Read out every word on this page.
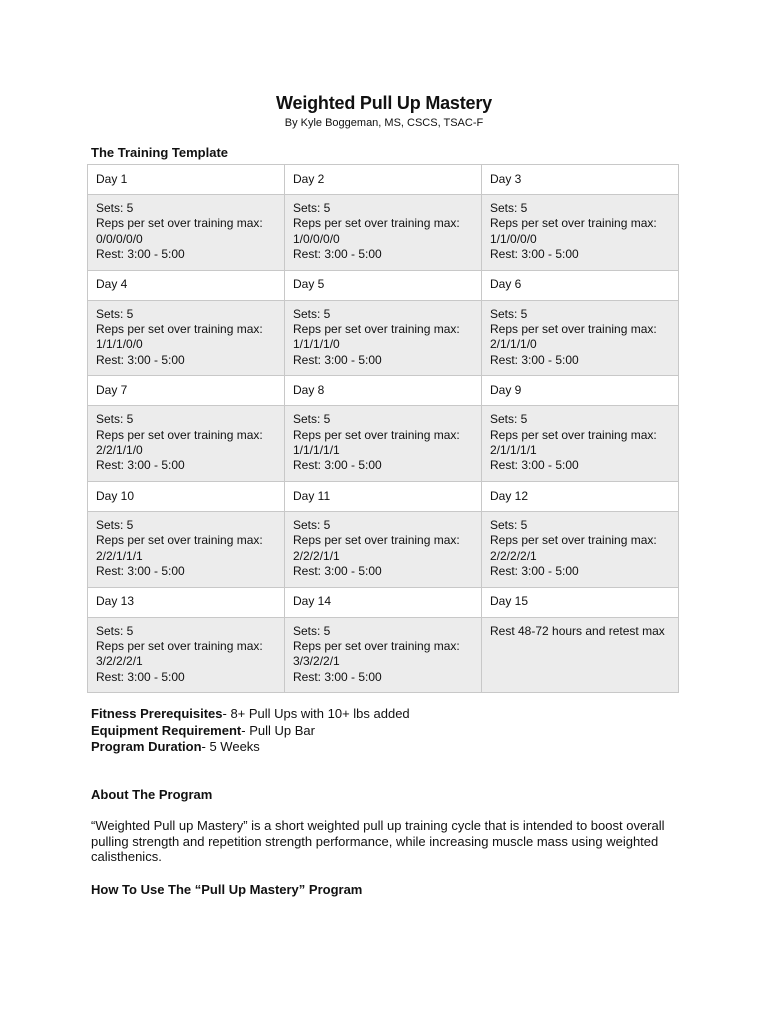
Weighted Pull Up Mastery
By Kyle Boggeman, MS, CSCS, TSAC-F
The Training Template
Day 1	Day 2	Day 3

Sets: 5
Reps per set over training max:
0/0/0/0/0
Rest: 3:00 - 5:00	Sets: 5
Reps per set over training max:
1/0/0/0/0
Rest: 3:00 - 5:00	Sets: 5
Reps per set over training max:
1/1/0/0/0
Rest: 3:00 - 5:00

Day 4	Day 5	Day 6

Sets: 5
Reps per set over training max:
1/1/1/0/0
Rest: 3:00 - 5:00	Sets: 5
Reps per set over training max:
1/1/1/1/0
Rest: 3:00 - 5:00	Sets: 5
Reps per set over training max:
2/1/1/1/0
Rest: 3:00 - 5:00

Day 7	Day 8	Day 9

Sets: 5
Reps per set over training max:
2/2/1/1/0
Rest: 3:00 - 5:00	Sets: 5
Reps per set over training max:
1/1/1/1/1
Rest: 3:00 - 5:00	Sets: 5
Reps per set over training max:
2/1/1/1/1
Rest: 3:00 - 5:00

Day 10	Day 11	Day 12

Sets: 5
Reps per set over training max:
2/2/1/1/1
Rest: 3:00 - 5:00	Sets: 5
Reps per set over training max:
2/2/2/1/1
Rest: 3:00 - 5:00	Sets: 5
Reps per set over training max:
2/2/2/2/1
Rest: 3:00 - 5:00

Day 13	Day 14	Day 15

Sets: 5
Reps per set over training max:
3/2/2/2/1
Rest: 3:00 - 5:00	Sets: 5
Reps per set over training max:
3/3/2/2/1
Rest: 3:00 - 5:00	Rest 48-72 hours and retest max
Fitness Prerequisites- 8+ Pull Ups with 10+ lbs added
Equipment Requirement- Pull Up Bar
Program Duration- 5 Weeks
About The Program
“Weighted Pull up Mastery” is a short weighted pull up training cycle that is intended to boost overall pulling strength and repetition strength performance, while increasing muscle mass using weighted calisthenics.
How To Use The “Pull Up Mastery” Program
